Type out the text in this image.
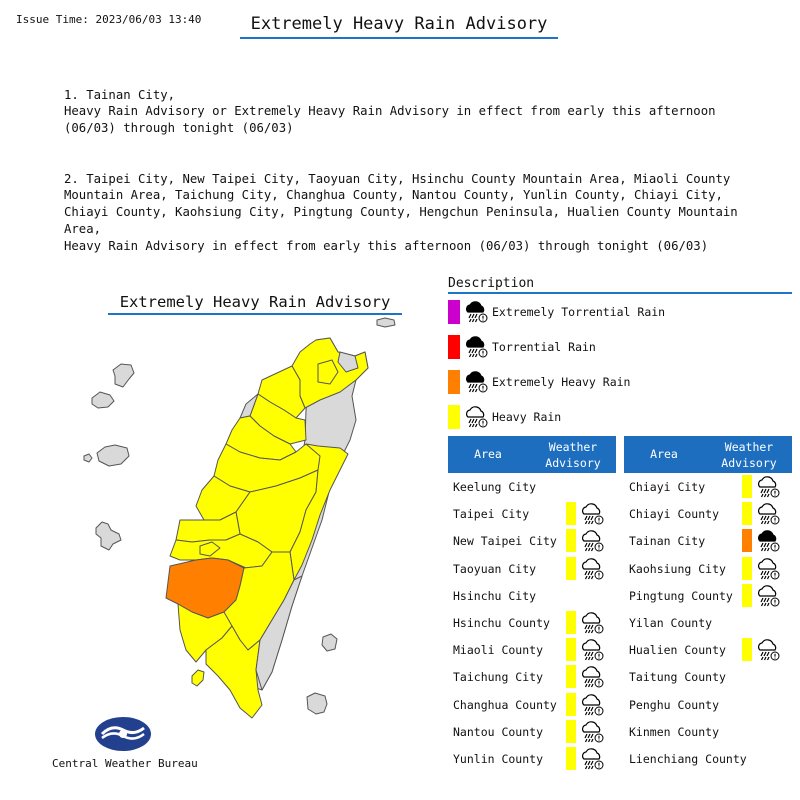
Issue Time: 2023/06/03 13:40	Extremely Heavy Rain Advisory

1. Tainan City,
Heavy Rain Advisory or Extremely Heavy Rain Advisory in effect from early this afternoon
(06/03) through tonight (06/03)

2. Taipei City, New Taipei City, Taoyuan City, Hsinchu County Mountain Area, Miaoli County
Mountain Area, Taichung City, Changhua County, Nantou County, Yunlin County, Chiayi City,
Chiayi County, Kaohsiung City, Pingtung County, Hengchun Peninsula, Hualien County Mountain
Area,
Heavy Rain Advisory in effect from early this afternoon (06/03) through tonight (06/03)

Extremely Heavy Rain Advisory
Central Weather Bureau
Description
Extremely Torrential Rain
Torrential Rain
Extremely Heavy Rain
Heavy Rain
Area	Weather Advisory
Keelung City
Taipei City
New Taipei City
Taoyuan City
Hsinchu City
Hsinchu County
Miaoli County
Taichung City
Changhua County
Nantou County
Yunlin County
Area	Weather Advisory
Chiayi City
Chiayi County
Tainan City
Kaohsiung City
Pingtung County
Yilan County
Hualien County
Taitung County
Penghu County
Kinmen County
Lienchiang County
